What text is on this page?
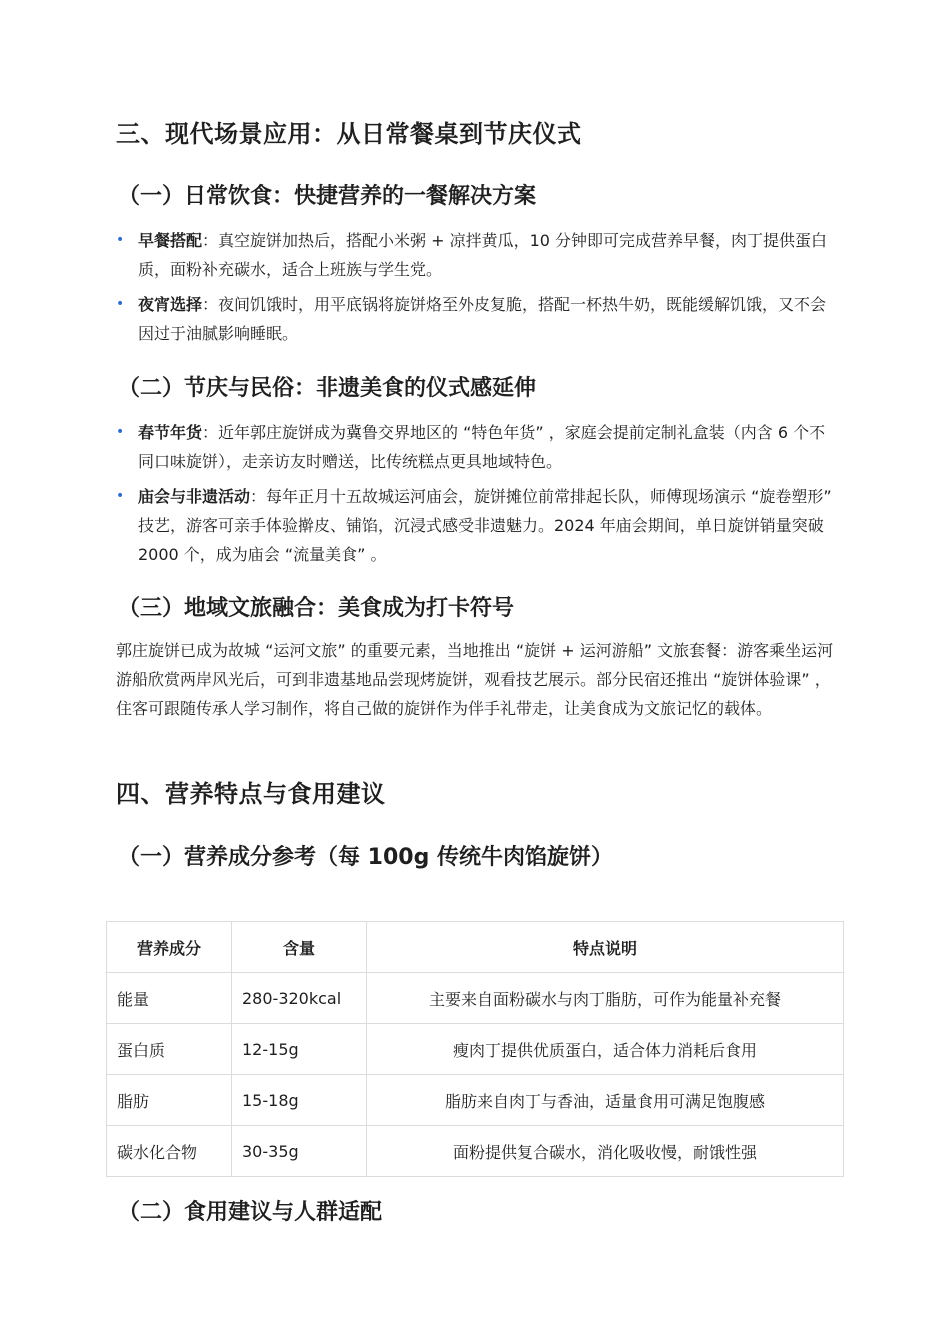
三、现代场景应用：从日常餐桌到节庆仪式
（一）日常饮食：快捷营养的一餐解决方案
• 早餐搭配：真空旋饼加热后，搭配小米粥 + 凉拌黄瓜，10 分钟即可完成营养早餐，肉丁提供蛋白质，面粉补充碳水，适合上班族与学生党。
• 夜宵选择：夜间饥饿时，用平底锅将旋饼烙至外皮复脆，搭配一杯热牛奶，既能缓解饥饿，又不会因过于油腻影响睡眠。
（二）节庆与民俗：非遗美食的仪式感延伸
• 春节年货：近年郭庄旋饼成为冀鲁交界地区的 “特色年货” ，家庭会提前定制礼盒装（内含 6 个不同口味旋饼），走亲访友时赠送，比传统糕点更具地域特色。
• 庙会与非遗活动：每年正月十五故城运河庙会，旋饼摊位前常排起长队，师傅现场演示 “旋卷塑形” 技艺，游客可亲手体验擀皮、铺馅，沉浸式感受非遗魅力。2024 年庙会期间，单日旋饼销量突破 2000 个，成为庙会 “流量美食” 。
（三）地域文旅融合：美食成为打卡符号
郭庄旋饼已成为故城 “运河文旅” 的重要元素，当地推出 “旋饼 + 运河游船” 文旅套餐：游客乘坐运河游船欣赏两岸风光后，可到非遗基地品尝现烤旋饼，观看技艺展示。部分民宿还推出 “旋饼体验课” ，住客可跟随传承人学习制作，将自己做的旋饼作为伴手礼带走，让美食成为文旅记忆的载体。
四、营养特点与食用建议
（一）营养成分参考（每 100g 传统牛肉馅旋饼）
营养成分	含量	特点说明
能量	280-320kcal	主要来自面粉碳水与肉丁脂肪，可作为能量补充餐
蛋白质	12-15g	瘦肉丁提供优质蛋白，适合体力消耗后食用
脂肪	15-18g	脂肪来自肉丁与香油，适量食用可满足饱腹感
碳水化合物	30-35g	面粉提供复合碳水，消化吸收慢，耐饿性强
（二）食用建议与人群适配
